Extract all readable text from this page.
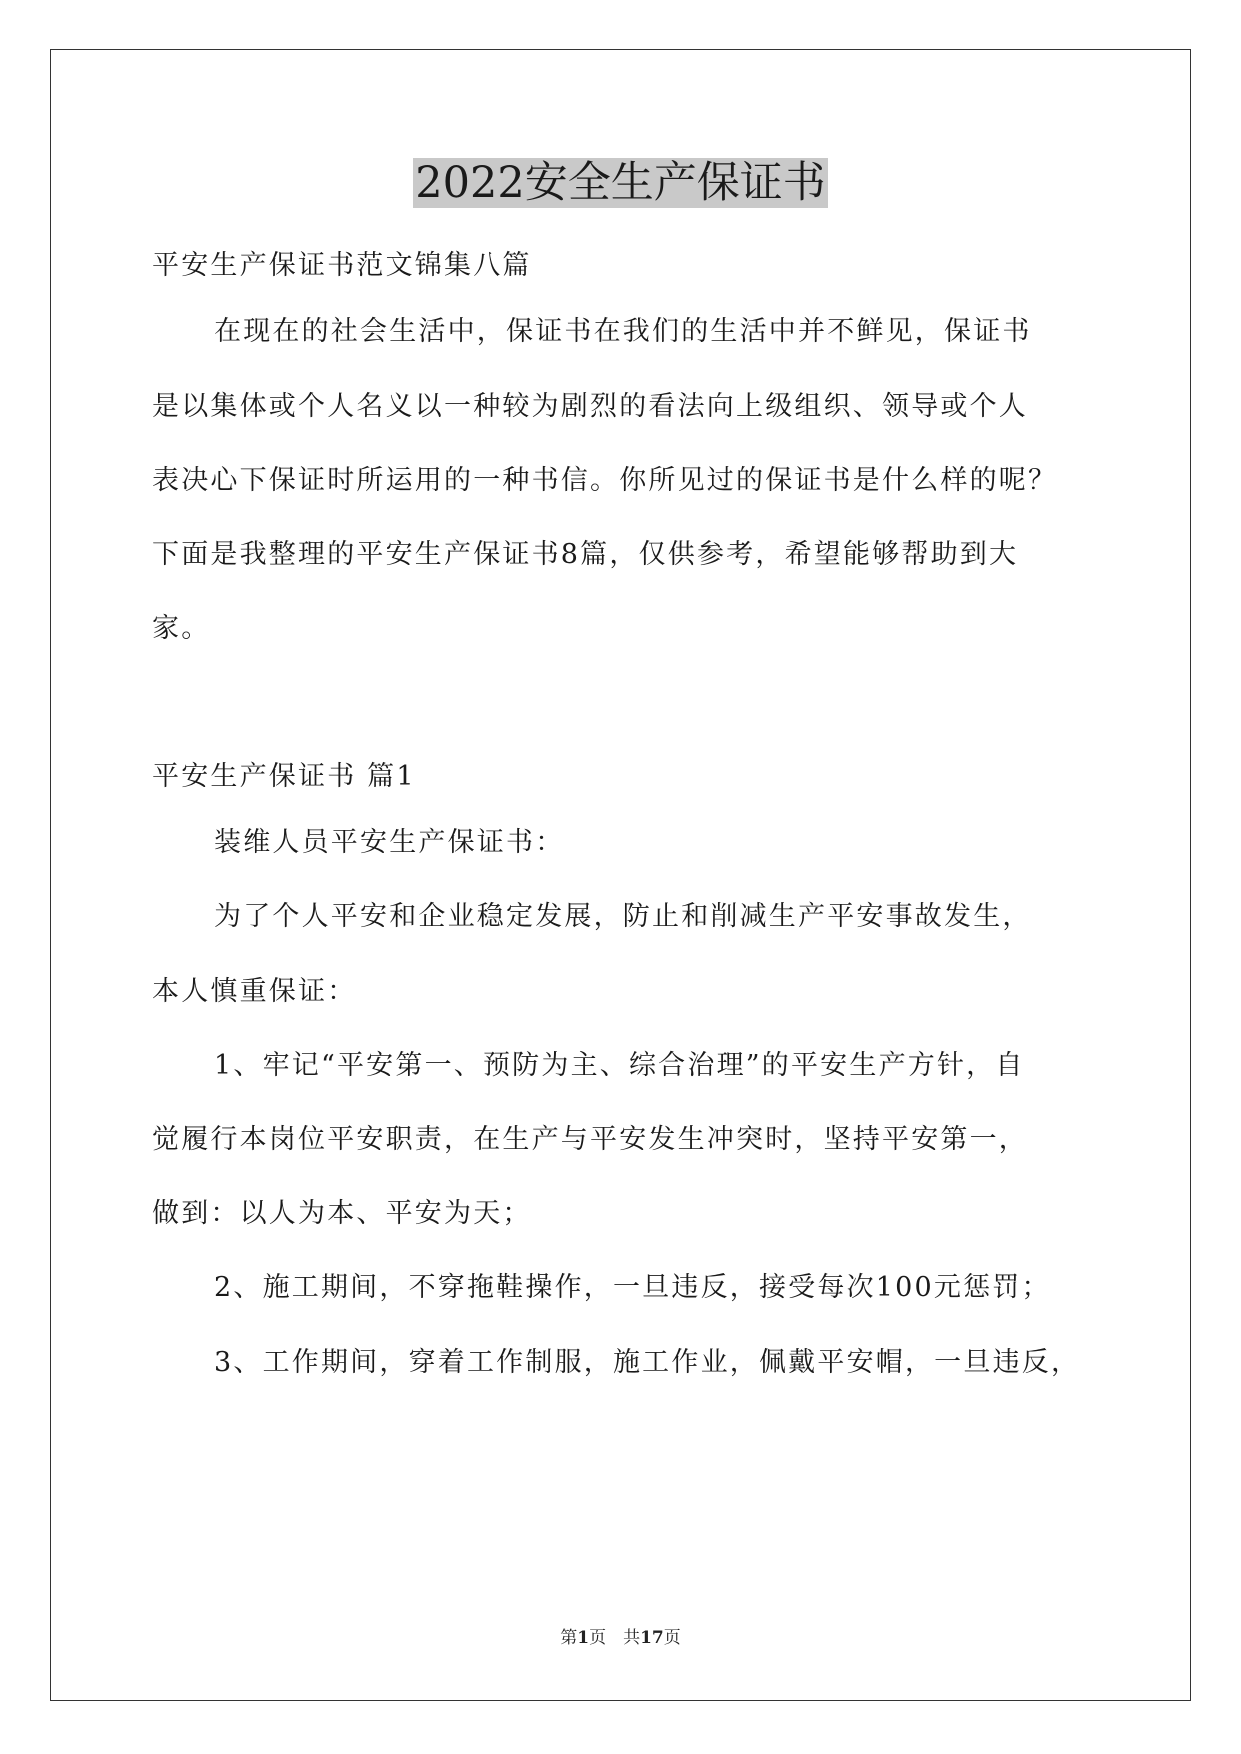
2022安全生产保证书

平安生产保证书范文锦集八篇

在现在的社会生活中，保证书在我们的生活中并不鲜见，保证书

是以集体或个人名义以一种较为剧烈的看法向上级组织、领导或个人

表决心下保证时所运用的一种书信。你所见过的保证书是什么样的呢？

下面是我整理的平安生产保证书8篇，仅供参考，希望能够帮助到大

家。

平安生产保证书 篇1

装维人员平安生产保证书：

为了个人平安和企业稳定发展，防止和削减生产平安事故发生，

本人慎重保证：

1、牢记“平安第一、预防为主、综合治理”的平安生产方针，自

觉履行本岗位平安职责，在生产与平安发生冲突时，坚持平安第一，

做到：以人为本、平安为天；

2、施工期间，不穿拖鞋操作，一旦违反，接受每次100元惩罚；

3、工作期间，穿着工作制服，施工作业，佩戴平安帽，一旦违反，

第1页　共17页
